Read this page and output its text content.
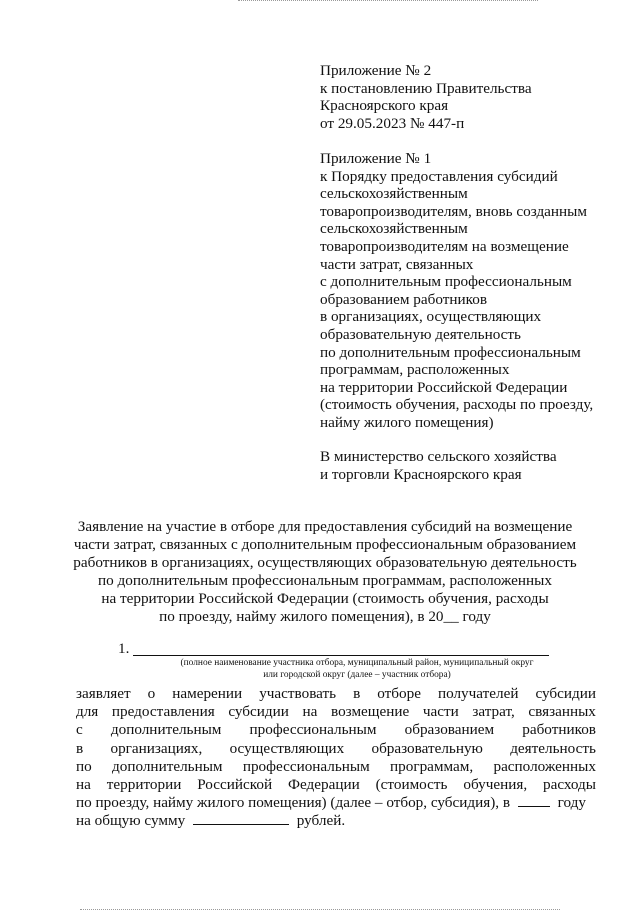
Приложение № 2
к постановлению Правительства
Красноярского края
от 29.05.2023 № 447-п
Приложение № 1
к Порядку предоставления субсидий
сельскохозяйственным
товаропроизводителям, вновь созданным
сельскохозяйственным
товаропроизводителям на возмещение
части затрат, связанных
с дополнительным профессиональным
образованием работников
в организациях, осуществляющих
образовательную деятельность
по дополнительным профессиональным
программам, расположенных
на территории Российской Федерации
(стоимость обучения, расходы по проезду,
найму жилого помещения)
В министерство сельского хозяйства
и торговли Красноярского края
Заявление на участие в отборе для предоставления субсидий на возмещение
части затрат, связанных с дополнительным профессиональным образованием
работников в организациях, осуществляющих образовательную деятельность
по дополнительным профессиональным программам, расположенных
на территории Российской Федерации (стоимость обучения, расходы
по проезду, найму жилого помещения), в 20__ году
1.
(полное наименование участника отбора, муниципальный район, муниципальный округ
или городской округ (далее – участник отбора)
заявляет о намерении участвовать в отборе получателей субсидии
для предоставления субсидии на возмещение части затрат, связанных
с дополнительным профессиональным образованием работников
в организациях, осуществляющих образовательную деятельность
по дополнительным профессиональным программам, расположенных
на территории Российской Федерации (стоимость обучения, расходы
по проезду, найму жилого помещения) (далее – отбор, субсидия), в	году
на общую сумму	рублей.
